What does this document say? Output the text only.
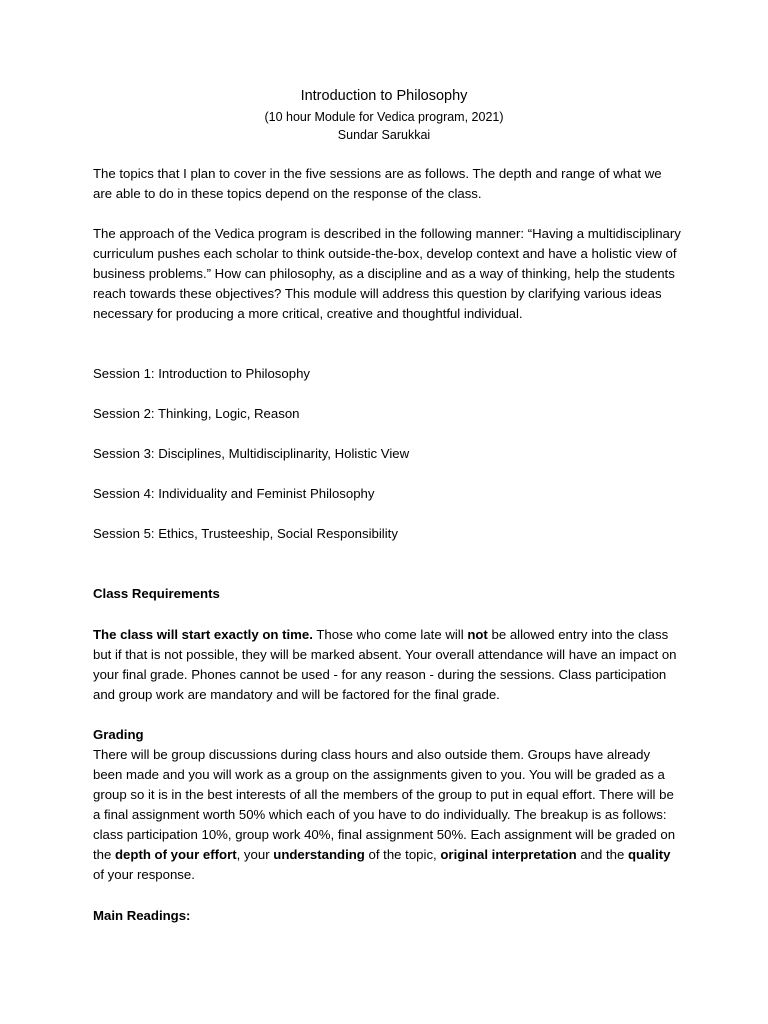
Introduction to Philosophy
(10 hour Module for Vedica program, 2021)
Sundar Sarukkai

The topics that I plan to cover in the five sessions are as follows. The depth and range of what we are able to do in these topics depend on the response of the class.

The approach of the Vedica program is described in the following manner: “Having a multidisciplinary curriculum pushes each scholar to think outside-the-box, develop context and have a holistic view of business problems.” How can philosophy, as a discipline and as a way of thinking, help the students reach towards these objectives? This module will address this question by clarifying various ideas necessary for producing a more critical, creative and thoughtful individual.

Session 1: Introduction to Philosophy

Session 2: Thinking, Logic, Reason

Session 3: Disciplines, Multidisciplinarity, Holistic View

Session 4: Individuality and Feminist Philosophy

Session 5: Ethics, Trusteeship, Social Responsibility

Class Requirements

The class will start exactly on time. Those who come late will not be allowed entry into the class but if that is not possible, they will be marked absent. Your overall attendance will have an impact on your final grade. Phones cannot be used - for any reason - during the sessions. Class participation and group work are mandatory and will be factored for the final grade.

Grading

There will be group discussions during class hours and also outside them. Groups have already been made and you will work as a group on the assignments given to you. You will be graded as a group so it is in the best interests of all the members of the group to put in equal effort. There will be a final assignment worth 50% which each of you have to do individually. The breakup is as follows: class participation 10%, group work 40%, final assignment 50%. Each assignment will be graded on the depth of your effort, your understanding of the topic, original interpretation and the quality of your response.

Main Readings:
